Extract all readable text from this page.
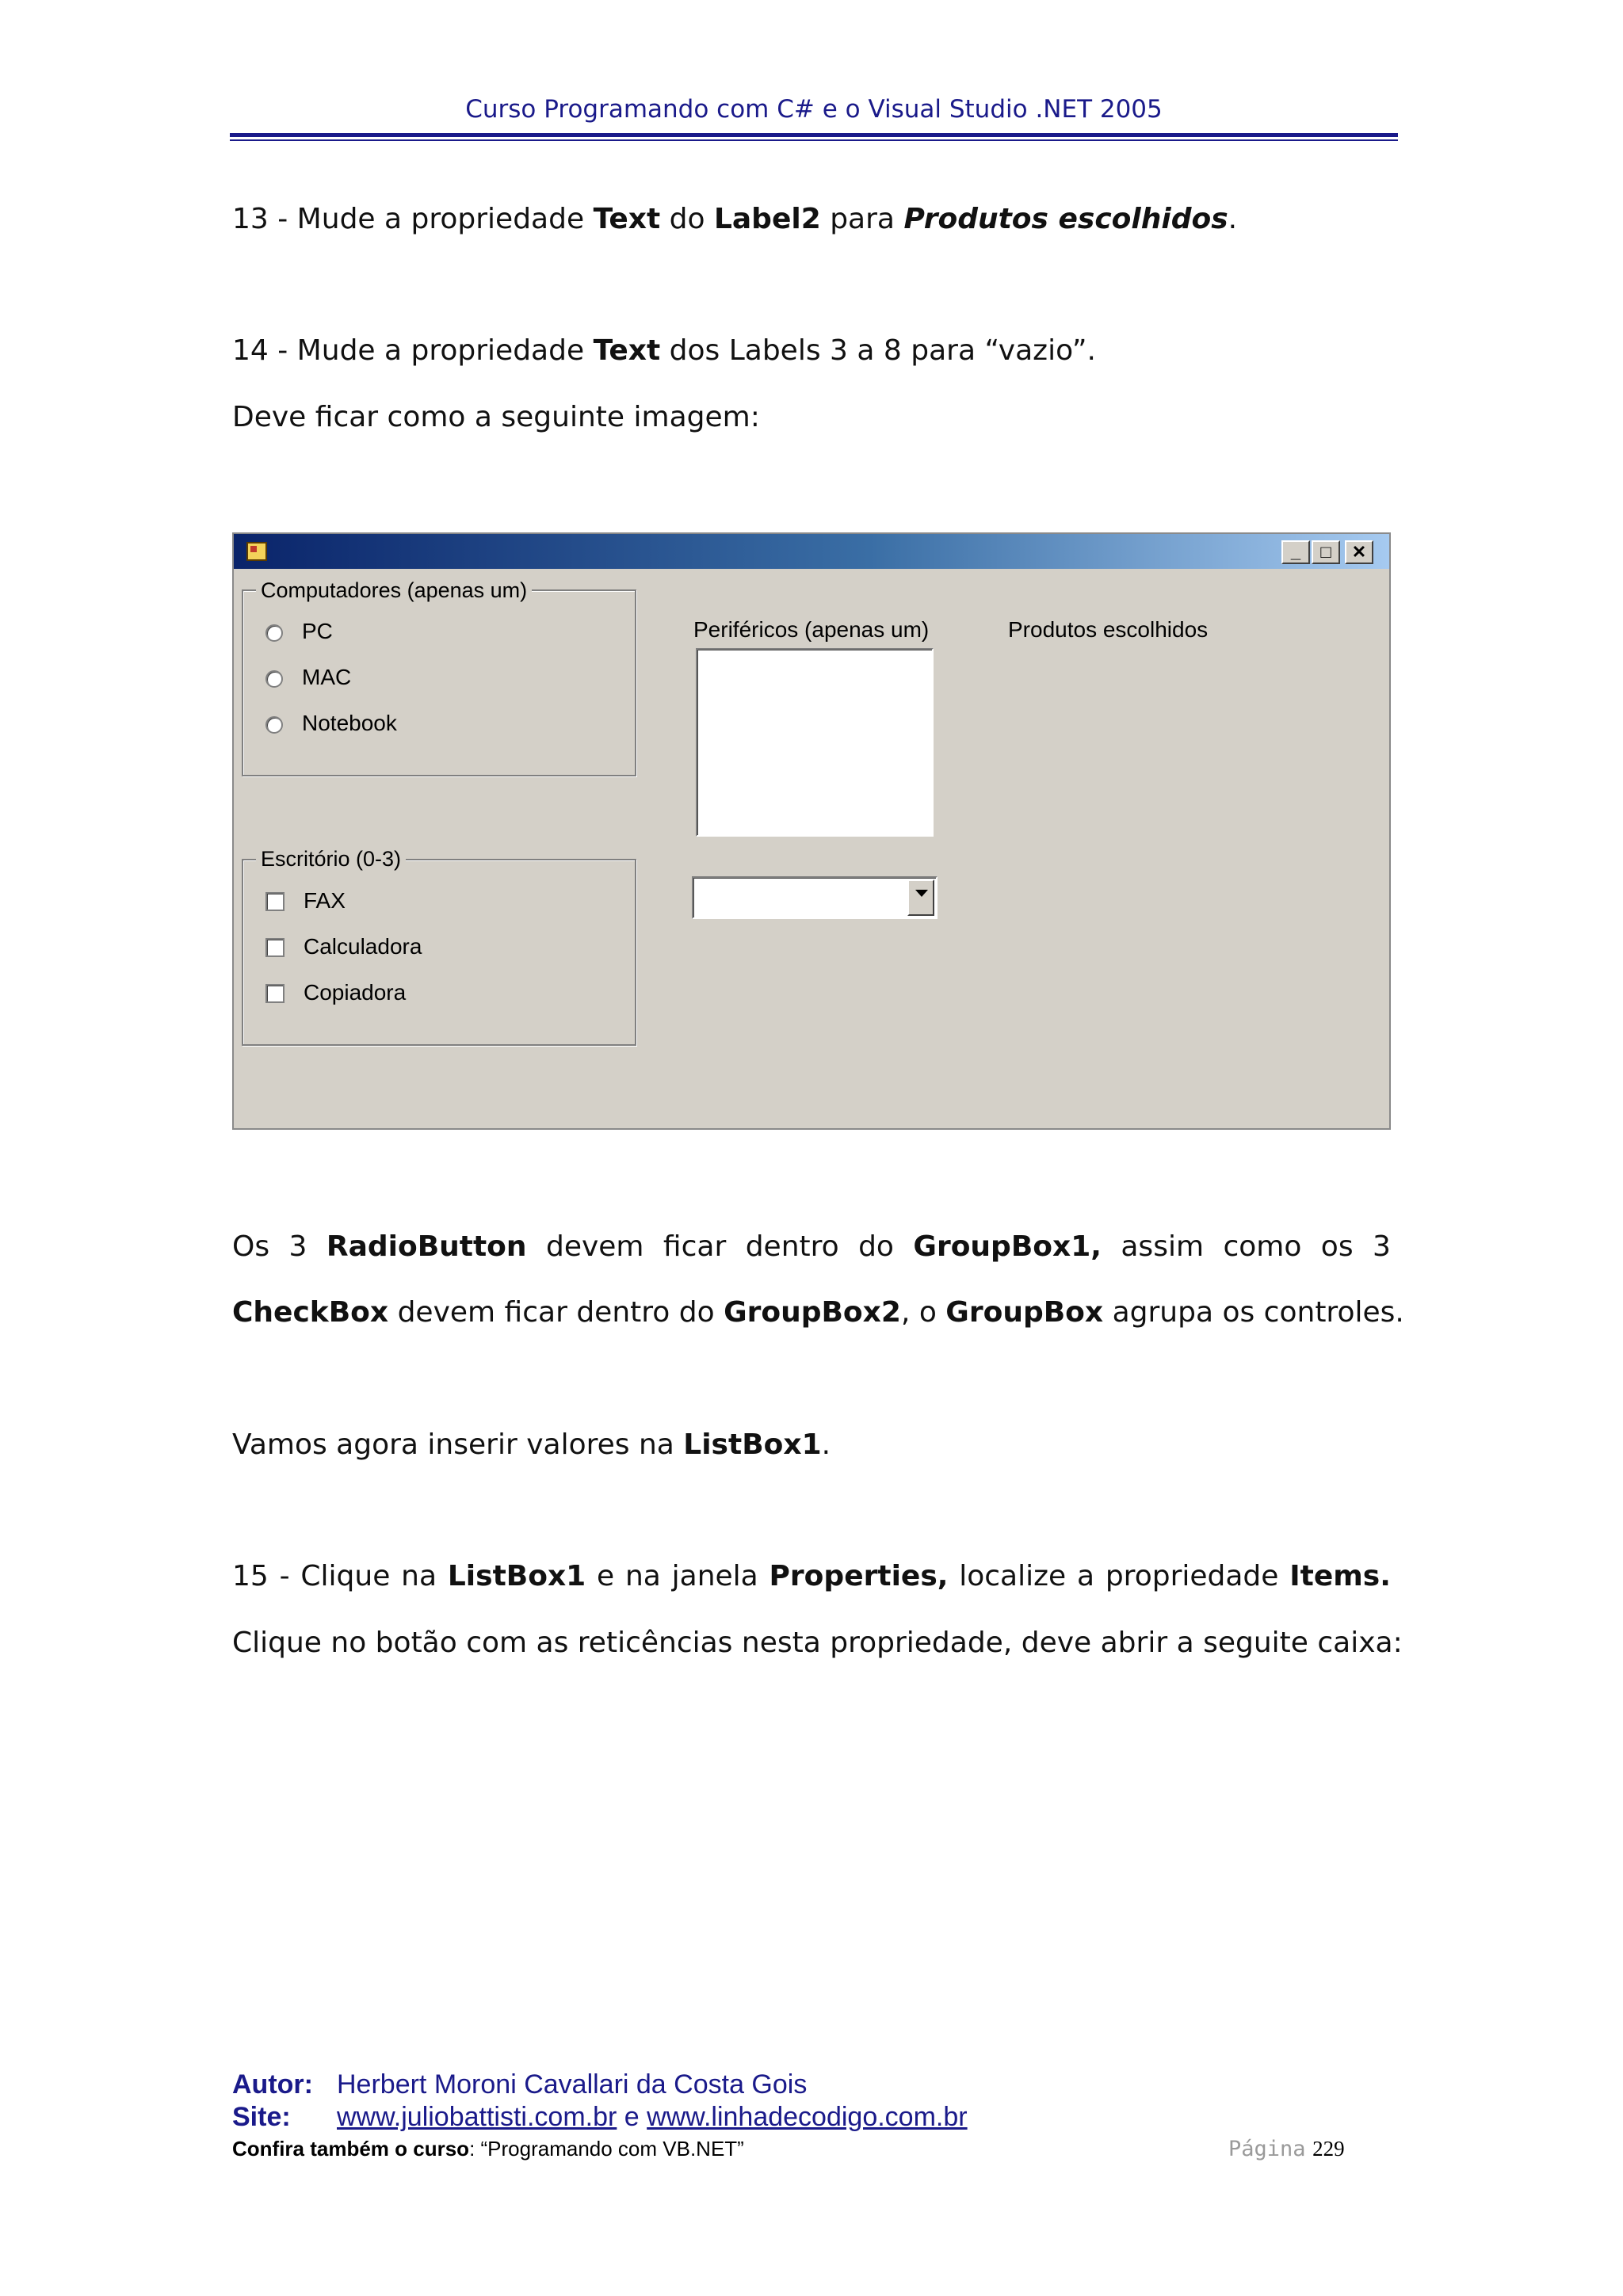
Curso Programando com C# e o Visual Studio .NET 2005
13 - Mude a propriedade Text do Label2 para Produtos escolhidos.
14 - Mude a propriedade Text dos Labels 3 a 8 para “vazio”.
Deve ficar como a seguinte imagem:
_	□	✕
Computadores (apenas um)
PC
MAC
Notebook
Escritório (0-3)
FAX
Calculadora
Copiadora
Periféricos (apenas um)	Produtos escolhidos
Os 3 RadioButton devem ficar dentro do GroupBox1, assim como os 3
CheckBox devem ficar dentro do GroupBox2, o GroupBox agrupa os controles.
Vamos agora inserir valores na ListBox1.
15 - Clique na ListBox1 e na janela Properties, localize a propriedade Items.
Clique no botão com as reticências nesta propriedade, deve abrir a seguite caixa:
Autor: Herbert Moroni Cavallari da Costa Gois
Site: www.juliobattisti.com.br e www.linhadecodigo.com.br
Confira também o curso: “Programando com VB.NET”	Página 229
